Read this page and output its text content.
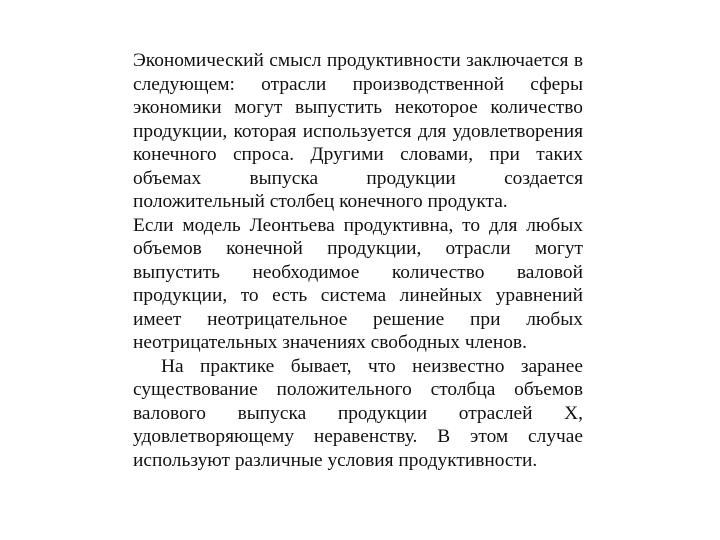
Экономический смысл продуктивности заключается в следующем: отрасли производственной сферы экономики могут выпустить некоторое количество продукции, которая используется для удовлетворения конечного спроса. Другими словами, при таких объемах выпуска продукции создается положительный столбец конечного продукта.

Если модель Леонтьева продуктивна, то для любых объемов конечной продукции, отрасли могут выпустить необходимое количество валовой продукции, то есть система линейных уравнений имеет неотрицательное решение при любых неотрицательных значениях свободных членов.

На практике бывает, что неизвестно заранее существование положительного столбца объемов валового выпуска продукции отраслей Х, удовлетворяющему неравенству. В этом случае используют различные условия продуктивности.
